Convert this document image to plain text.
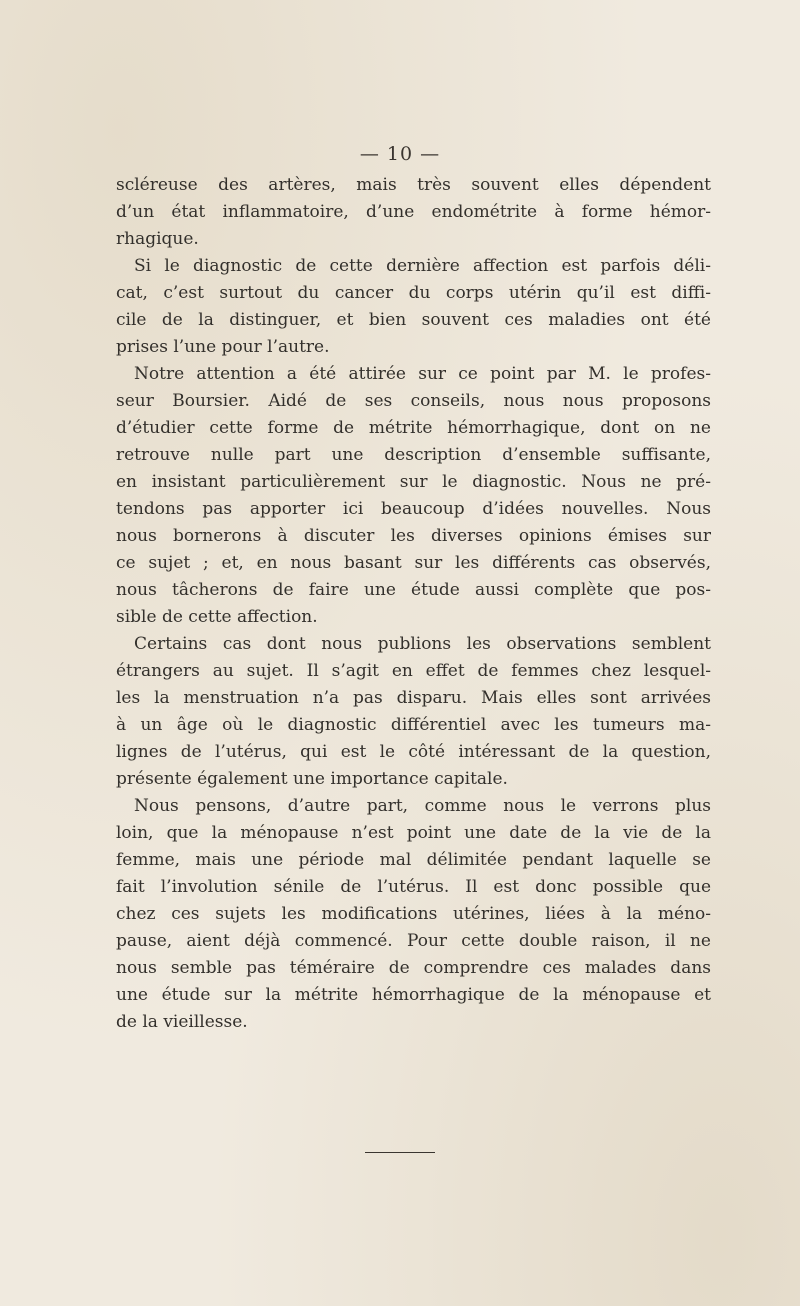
— 10 —

scléreuse des artères, mais très souvent elles dépendent
d’un état inflammatoire, d’une endométrite à forme hémor-
rhagique.

Si le diagnostic de cette dernière affection est parfois déli-
cat, c’est surtout du cancer du corps utérin qu’il est diffi-
cile de la distinguer, et bien souvent ces maladies ont été
prises l’une pour l’autre.

Notre attention a été attirée sur ce point par M. le profes-
seur Boursier. Aidé de ses conseils, nous nous proposons
d’étudier cette forme de métrite hémorrhagique, dont on ne
retrouve nulle part une description d’ensemble suffisante,
en insistant particulièrement sur le diagnostic. Nous ne pré-
tendons pas apporter ici beaucoup d’idées nouvelles. Nous
nous bornerons à discuter les diverses opinions émises sur
ce sujet ; et, en nous basant sur les différents cas observés,
nous tâcherons de faire une étude aussi complète que pos-
sible de cette affection.

Certains cas dont nous publions les observations semblent
étrangers au sujet. Il s’agit en effet de femmes chez lesquel-
les la menstruation n’a pas disparu. Mais elles sont arrivées
à un âge où le diagnostic différentiel avec les tumeurs ma-
lignes de l’utérus, qui est le côté intéressant de la question,
présente également une importance capitale.

Nous pensons, d’autre part, comme nous le verrons plus
loin, que la ménopause n’est point une date de la vie de la
femme, mais une période mal délimitée pendant laquelle se
fait l’involution sénile de l’utérus. Il est donc possible que
chez ces sujets les modifications utérines, liées à la méno-
pause, aient déjà commencé. Pour cette double raison, il ne
nous semble pas téméraire de comprendre ces malades dans
une étude sur la métrite hémorrhagique de la ménopause et
de la vieillesse.
